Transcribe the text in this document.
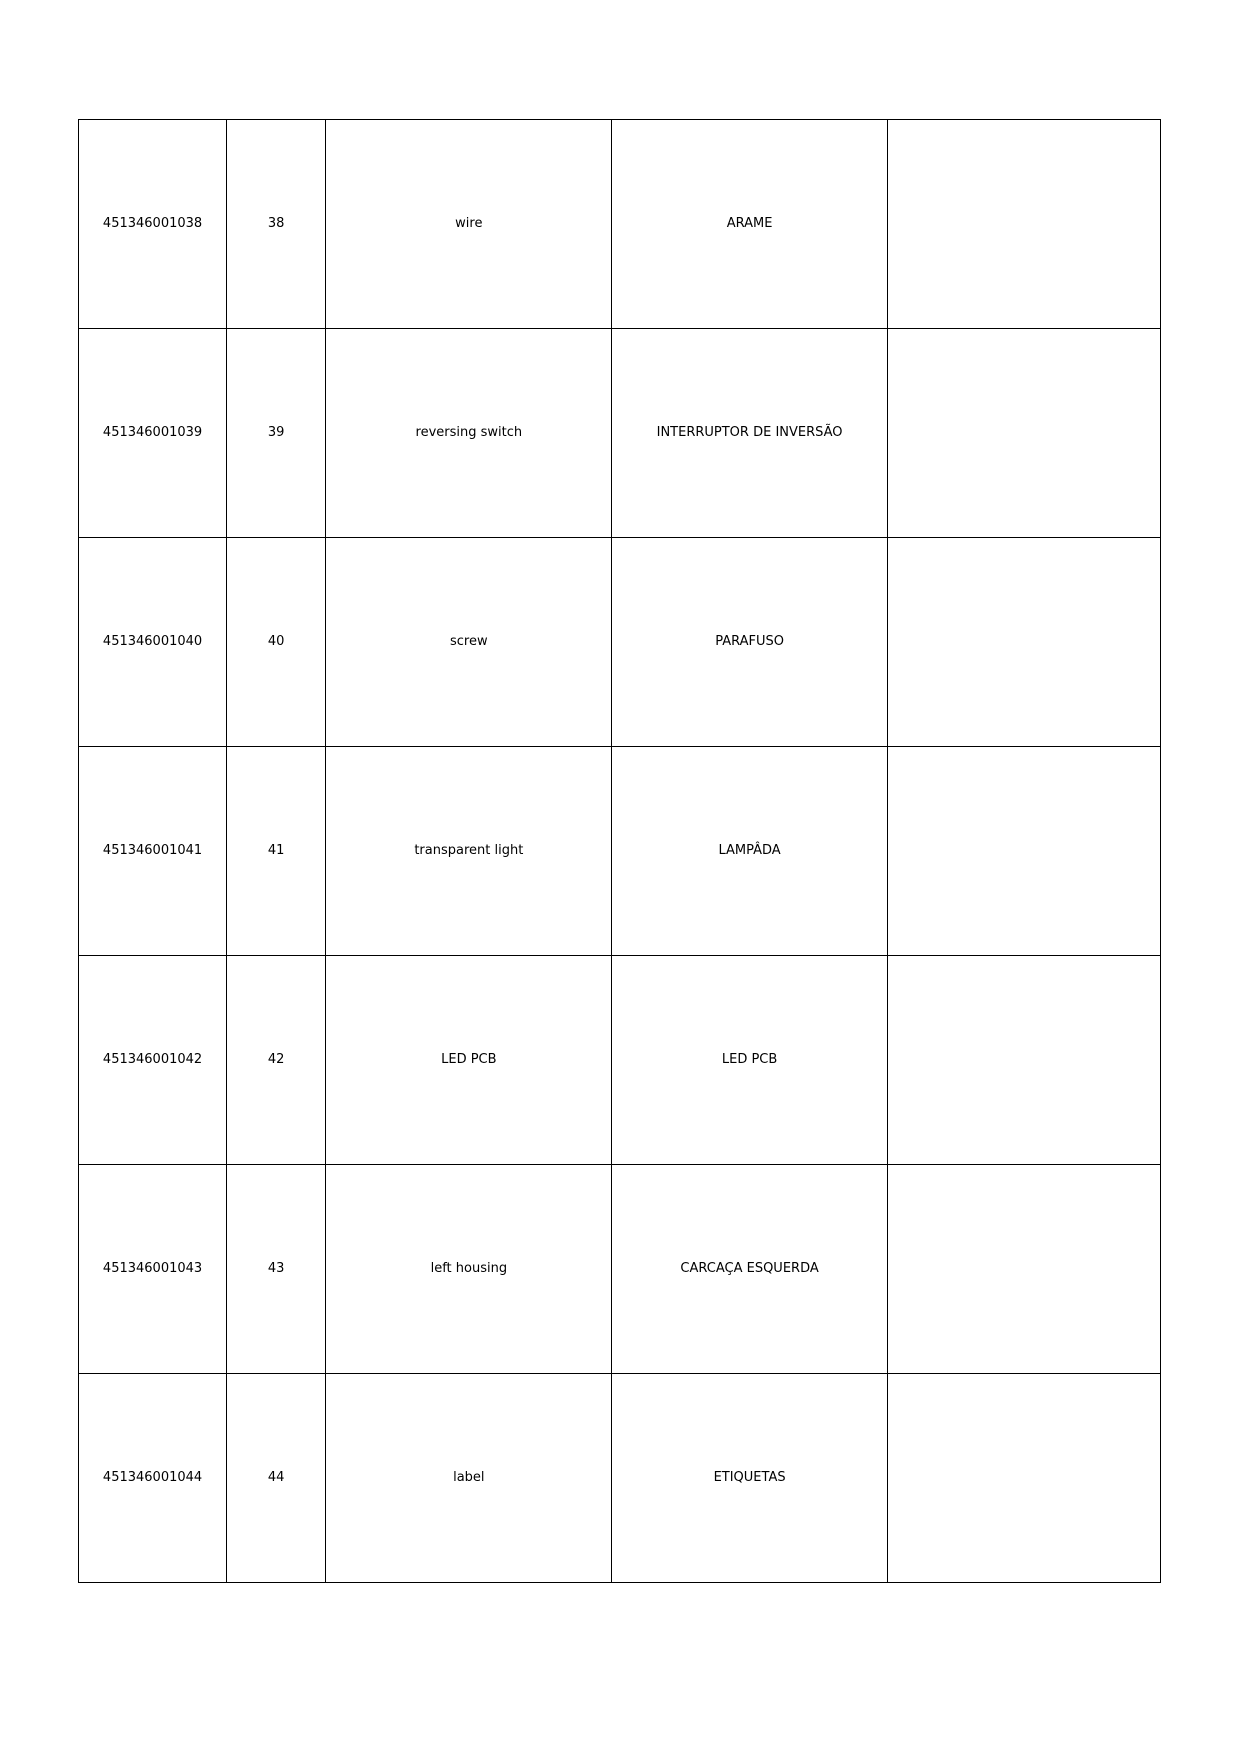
451346001038	38	wire	ARAME	
451346001039	39	reversing switch	INTERRUPTOR DE INVERSÃO	
451346001040	40	screw	PARAFUSO	
451346001041	41	transparent light	LAMPÂDA	
451346001042	42	LED PCB	LED PCB	
451346001043	43	left housing	CARCAÇA ESQUERDA	
451346001044	44	label	ETIQUETAS	
